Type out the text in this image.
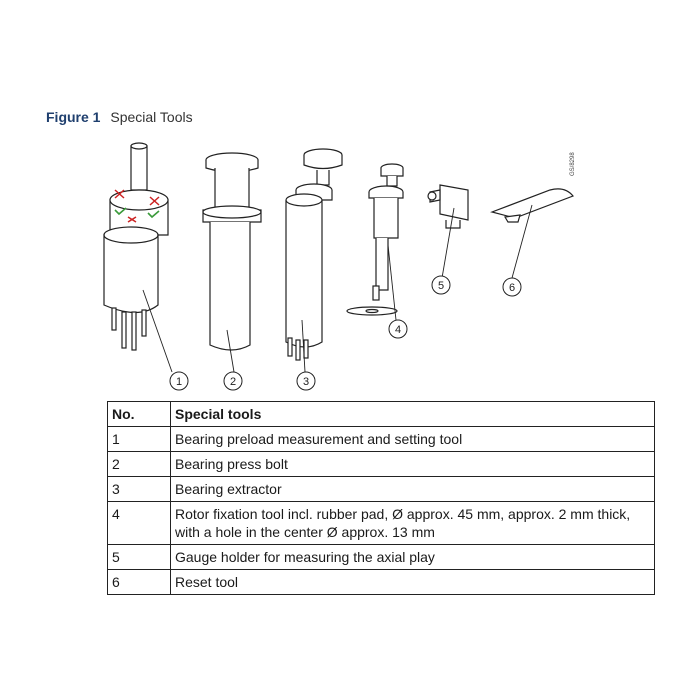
Figure 1 Special Tools
1	2	3
4
5	6
GS/8298
No.	Special tools
1	Bearing preload measurement and setting tool
2	Bearing press bolt
3	Bearing extractor
4	Rotor fixation tool incl. rubber pad, Ø approx. 45 mm, approx. 2 mm thick, with a hole in the center Ø approx. 13 mm
5	Gauge holder for measuring the axial play
6	Reset tool
